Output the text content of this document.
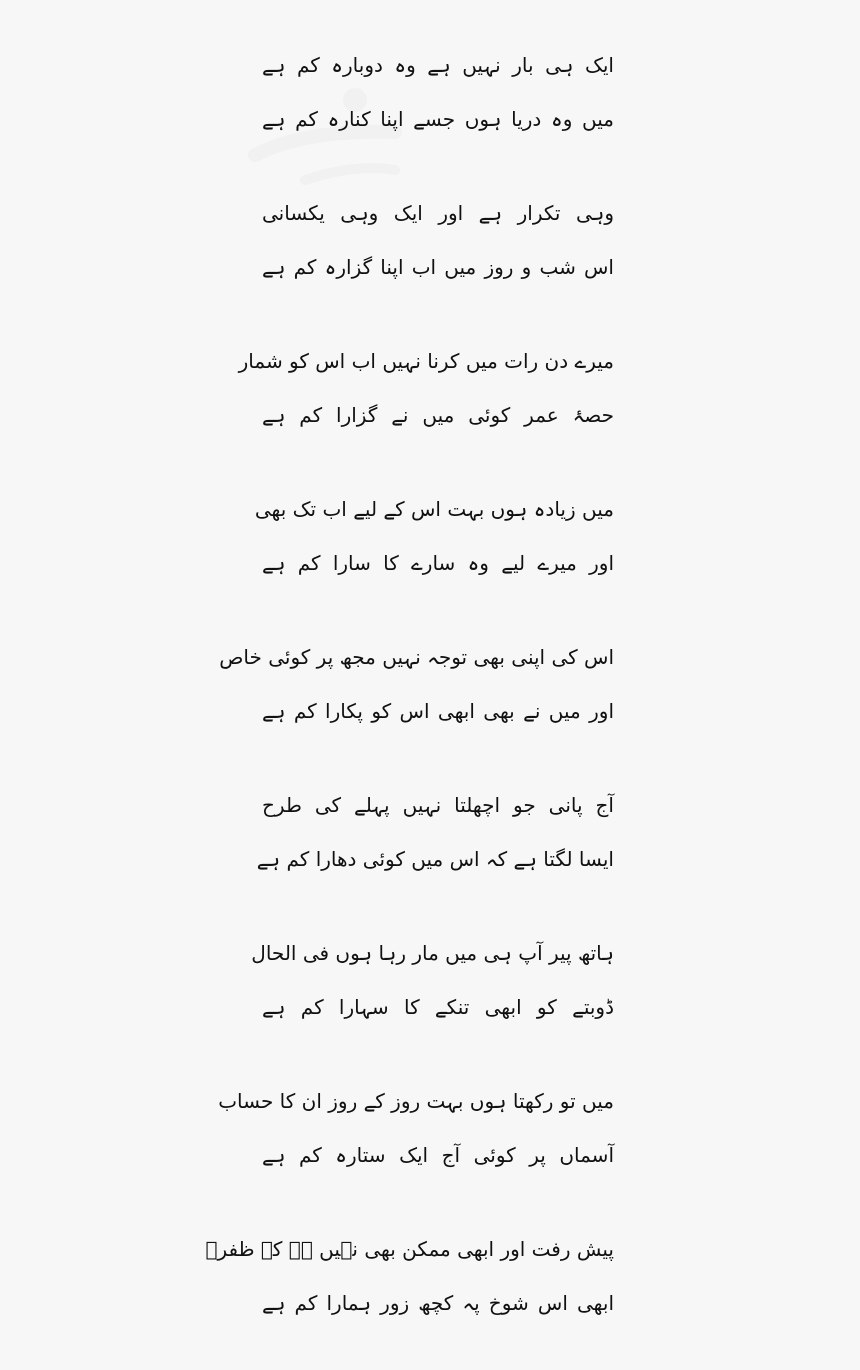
ایک ہی بار نہیں ہے وہ دوبارہ کم ہے
میں وہ دریا ہوں جسے اپنا کنارہ کم ہے
وہی تکرار ہے اور ایک وہی یکسانی
اس شب و روز میں اب اپنا گزارہ کم ہے
میرے دن رات میں کرنا نہیں اب اس کو شمار
حصۂ عمر کوئی میں نے گزارا کم ہے
میں زیادہ ہوں بہت اس کے لیے اب تک بھی
اور میرے لیے وہ سارے کا سارا کم ہے
اس کی اپنی بھی توجہ نہیں مجھ پر کوئی خاص
اور میں نے بھی ابھی اس کو پکارا کم ہے
آج پانی جو اچھلتا نہیں پہلے کی طرح
ایسا لگتا ہے کہ اس میں کوئی دھارا کم ہے
ہاتھ پیر آپ ہی میں مار رہا ہوں فی الحال
ڈوبتے کو ابھی تنکے کا سہارا کم ہے
میں تو رکھتا ہوں بہت روز کے روز ان کا حساب
آسماں پر کوئی آج ایک ستارہ کم ہے
پیش رفت اور ابھی ممکن بھی نہیں ہے کہ ظفرؔ
ابھی اس شوخ پہ کچھ زور ہمارا کم ہے
